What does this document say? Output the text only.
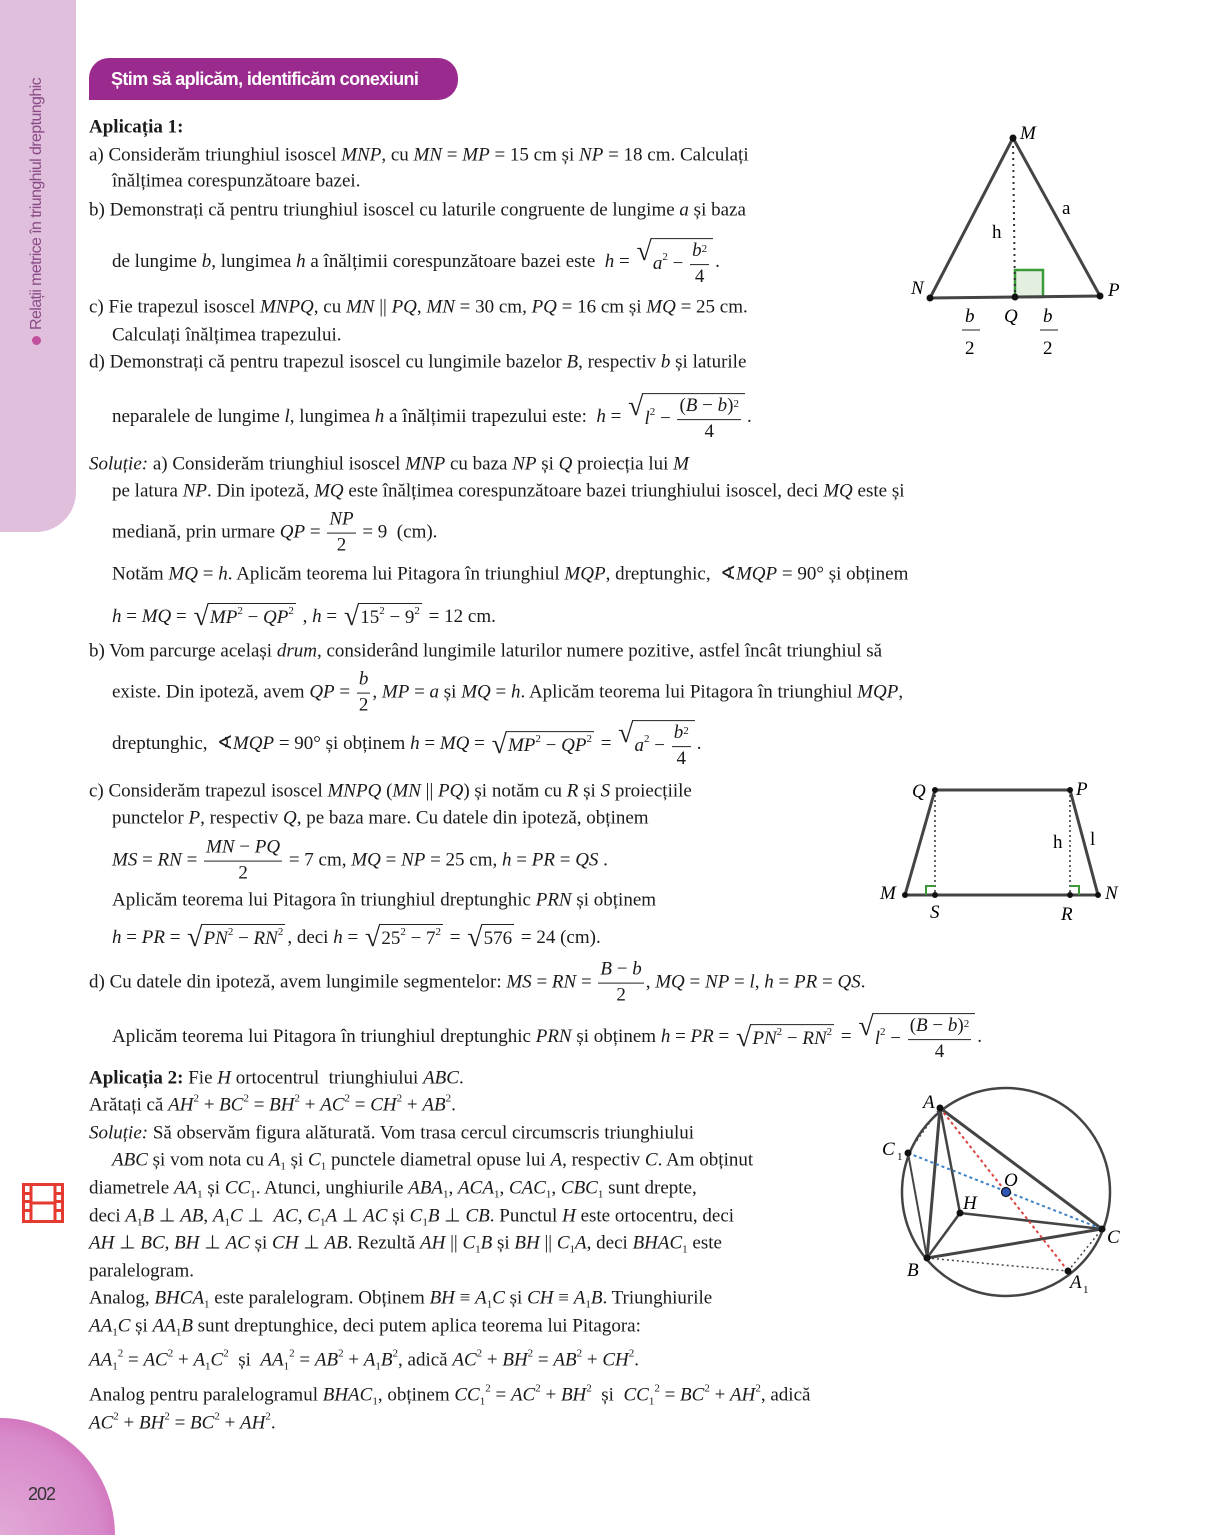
Relații metrice în triunghiul dreptunghic
202
Știm să aplicăm, identificăm conexiuni
Aplicația 1:
a) Considerăm triunghiul isoscel MNP , cu MN = MP = 15 cm și NP = 18 cm. Calculați
înălțimea corespunzătoare bazei.
b) Demonstrați că pentru triunghiul isoscel cu laturile congruente de lungime a și baza
de lungime b , lungimea h a înălțimii corespunzătoare bazei este h = √ a $2 - \frac{b 2}{4}$ .
c) Fie trapezul isoscel MNPQ , cu MN || PQ , MN = 30 cm, PQ = 16 cm și MQ = 25 cm.
Calculați înălțimea trapezului.
d) Demonstrați că pentru trapezul isoscel cu lungimile bazelor B , respectiv b și laturile
neparalele de lungime l , lungimea h a înălțimii trapezului este: h = √ l $2 - \frac{( B - b ) 2}{4}$ .
Soluție: a) Considerăm triunghiul isoscel MNP cu baza NP și Q proiecția lui M
pe latura NP . Din ipoteză, MQ este înălțimea corespunzătoare bazei triunghiului isoscel, deci MQ este și
mediană, prin urmare QP = $\frac{NP}{2} = 9$  (cm).
Notăm MQ = h . Aplicăm teorema lui Pitagora în triunghiul MQP , dreptunghic,  ∢ MQP = 90° și obținem
h = MQ = √ MP 2 − QP 2 , h = √ 15 2 − 9 2 = 12 cm.
b) Vom parcurge același drum , considerând lungimile laturilor numere pozitive, astfel încât triunghiul să
existe. Din ipoteză, avem QP = $\frac{b}{2}$ , MP = a și MQ = h . Aplicăm teorema lui Pitagora în triunghiul MQP ,
dreptunghic,  ∢ MQP = 90° și obținem h = MQ = √ MP 2 − QP 2 = √ a $2 - \frac{b 2}{4}$ .
c) Considerăm trapezul isoscel MNPQ ( MN || PQ ) și notăm cu R și S proiecțiile
punctelor P , respectiv Q , pe baza mare. Cu datele din ipoteză, obținem
MS = RN = $\frac{MN - PQ}{2} = 7$ cm, MQ = NP = 25 cm, h = PR = QS .
Aplicăm teorema lui Pitagora în triunghiul dreptunghic PRN și obținem
h = PR = √ PN 2 − RN 2 , deci h = √ 25 2 − 7 2 = √ 576 = 24 (cm).
d) Cu datele din ipoteză, avem lungimile segmentelor: MS = RN = $\frac{B - b}{2}$ , MQ = NP = l , h = PR = QS .
Aplicăm teorema lui Pitagora în triunghiul dreptunghic PRN și obținem h = PR = √ PN 2 − RN 2 = √ l $2 - \frac{( B - b ) 2}{4}$ .
Aplicația 2: Fie H ortocentrul  triunghiului ABC .
Arătați că AH 2 + BC 2 = BH 2 + AC 2 = CH 2 + AB 2 .
Soluție: Să observăm figura alăturată. Vom trasa cercul circumscris triunghiului
ABC și vom nota cu A 1 și C 1 punctele diametral opuse lui A , respectiv C . Am obținut
diametrele AA 1 și CC 1 . Atunci, unghiurile ABA 1 , ACA 1 , CAC 1 , CBC 1 sunt drepte,
deci A 1 B ⊥ AB , A 1 C ⊥ AC , C 1 A ⊥ AC și C 1 B ⊥ CB . Punctul H este ortocentru, deci
AH ⊥ BC , BH ⊥ AC și CH ⊥ AB . Rezultă AH || C 1 B și BH || C 1 A , deci BHAC 1 este
paralelogram.
Analog, BHCA 1 este paralelogram. Obținem BH ≡ A 1 C și CH ≡ A 1 B . Triunghiurile
AA 1 C și AA 1 B sunt dreptunghice, deci putem aplica teorema lui Pitagora:
AA 1
2 = AC 2 + A 1 C 2 și AA 1
2 = AB 2 + A 1 B 2 , adică AC 2 + BH 2 = AB 2 + CH 2 .
Analog pentru paralelogramul BHAC 1 , obținem CC 1
2 = AC 2 + BH 2 și CC 1
2 = BC 2 + AH 2 , adică
AC 2 + BH 2 = BC 2 + AH 2 .
M
a
h
N	P
Q
b
2
b
2
Q	P
h l
M	N
S	R
A
C 1
O
H
C
B
A 1
